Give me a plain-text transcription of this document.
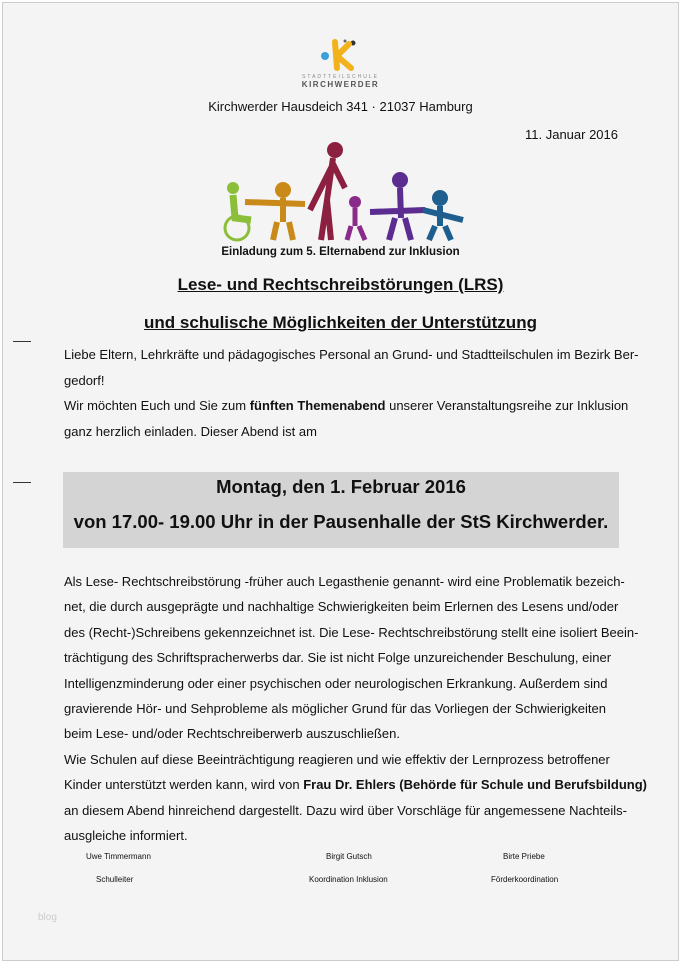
STADTTEILSCHULE
KIRCHWERDER
Kirchwerder Hausdeich 341 · 21037 Hamburg
11. Januar 2016
Einladung zum 5. Elternabend zur Inklusion
Lese- und Rechtschreibstörungen (LRS)
und schulische Möglichkeiten der Unterstützung
Liebe Eltern, Lehrkräfte und pädagogisches Personal an Grund- und Stadtteilschulen im Bezirk Ber-
gedorf!
Wir möchten Euch und Sie zum fünften Themenabend unserer Veranstaltungsreihe zur Inklusion
ganz herzlich einladen. Dieser Abend ist am
Montag, den 1. Februar 2016
von 17.00- 19.00 Uhr in der Pausenhalle der StS Kirchwerder.
Als Lese- Rechtschreibstörung -früher auch Legasthenie genannt- wird eine Problematik bezeich-
net, die durch ausgeprägte und nachhaltige Schwierigkeiten beim Erlernen des Lesens und/oder
des (Recht-)Schreibens gekennzeichnet ist. Die Lese- Rechtschreibstörung stellt eine isoliert Beein-
trächtigung des Schriftspracherwerbs dar. Sie ist nicht Folge unzureichender Beschulung, einer
Intelligenzminderung oder einer psychischen oder neurologischen Erkrankung. Außerdem sind
gravierende Hör- und Sehprobleme als möglicher Grund für das Vorliegen der Schwierigkeiten
beim Lese- und/oder Rechtschreiberwerb auszuschließen.
Wie Schulen auf diese Beeinträchtigung reagieren und wie effektiv der Lernprozess betroffener
Kinder unterstützt werden kann, wird von Frau Dr. Ehlers (Behörde für Schule und Berufsbildung)
an diesem Abend hinreichend dargestellt. Dazu wird über Vorschläge für angemessene Nachteils-
ausgleiche informiert.
Uwe Timmermann
Schulleiter
Birgit Gutsch
Koordination Inklusion
Birte Priebe
Förderkoordination
blog
